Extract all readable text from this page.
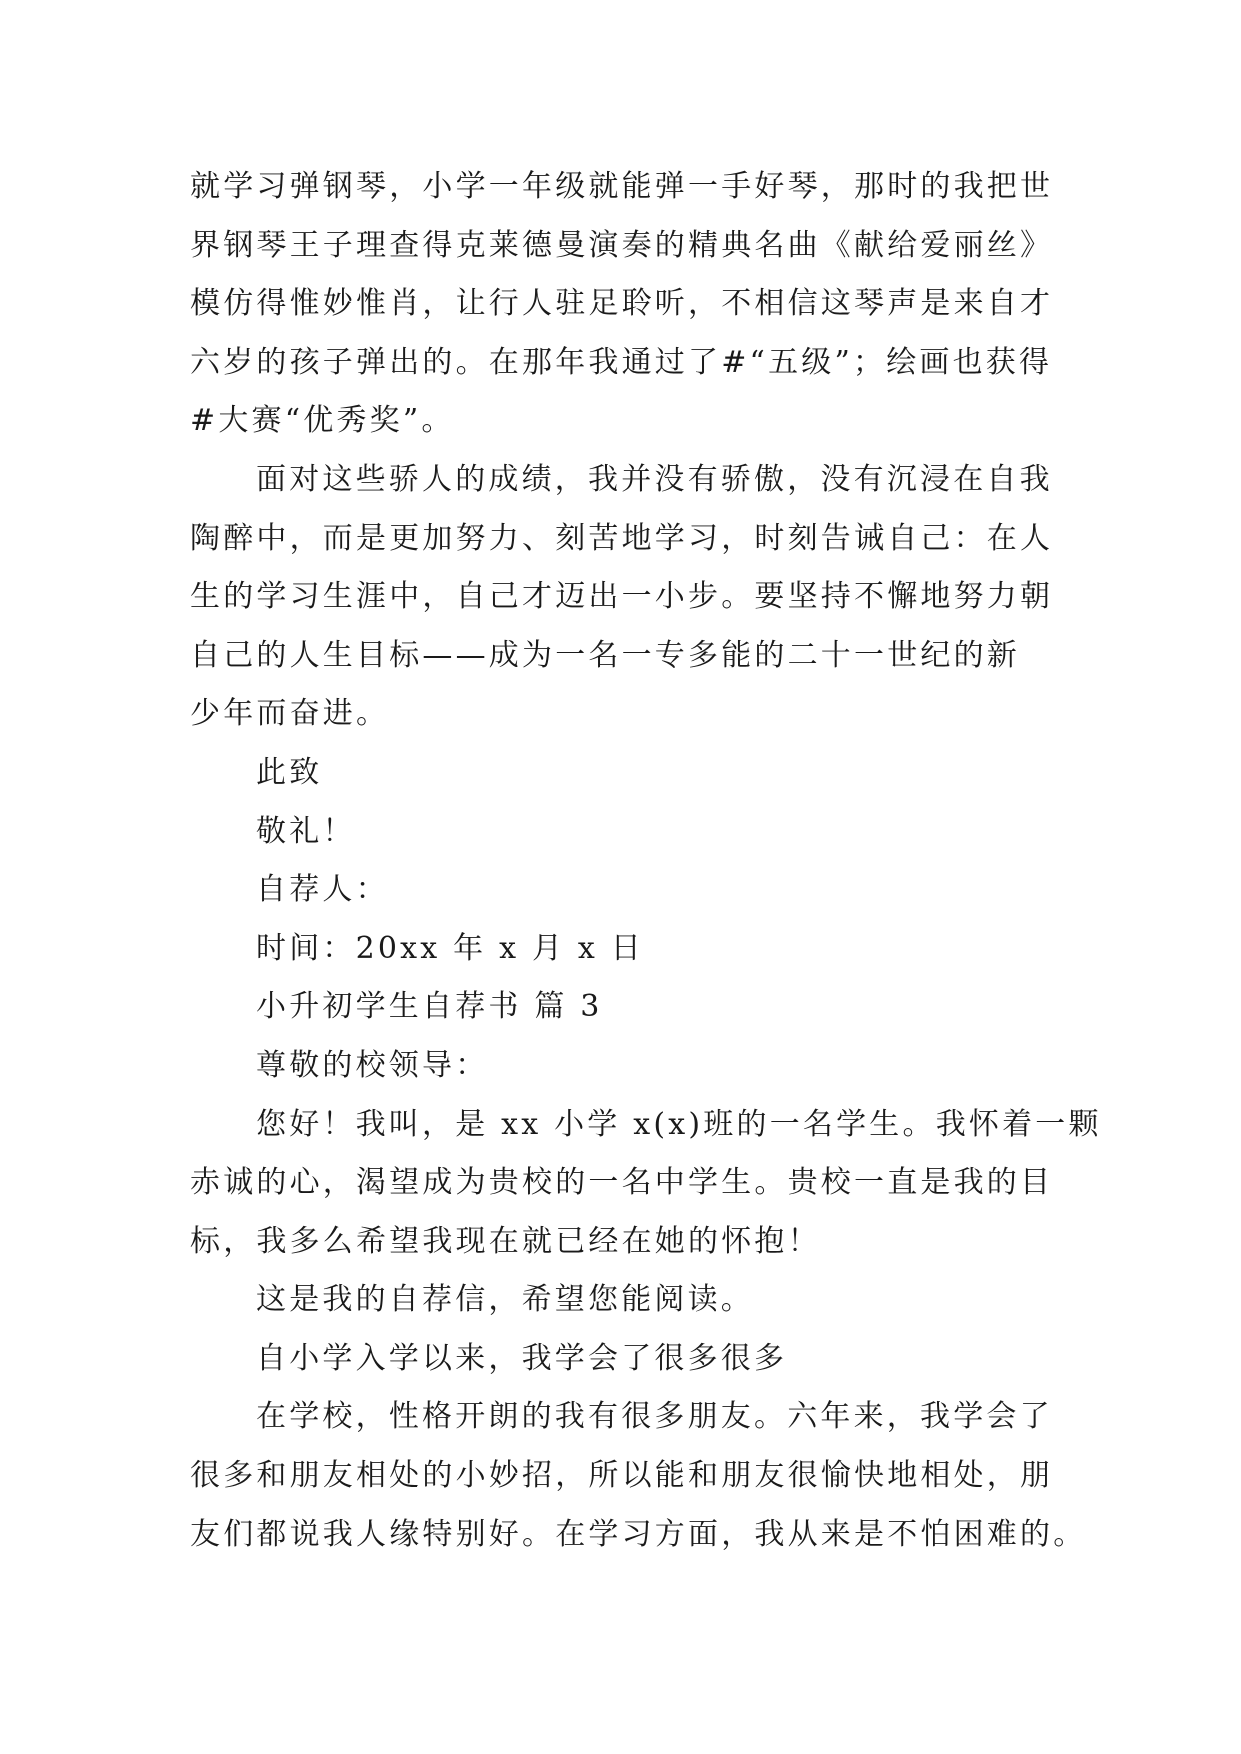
就学习弹钢琴，小学一年级就能弹一手好琴，那时的我把世
界钢琴王子理查得克莱德曼演奏的精典名曲《献给爱丽丝》
模仿得惟妙惟肖，让行人驻足聆听，不相信这琴声是来自才
六岁的孩子弹出的。在那年我通过了#“五级”；绘画也获得
#大赛“优秀奖”。
面对这些骄人的成绩，我并没有骄傲，没有沉浸在自我
陶醉中，而是更加努力、刻苦地学习，时刻告诫自己：在人
生的学习生涯中，自己才迈出一小步。要坚持不懈地努力朝
自己的人生目标——成为一名一专多能的二十一世纪的新
少年而奋进。
此致
敬礼！
自荐人：
时间：20xx 年 x 月 x 日
小升初学生自荐书 篇 3
尊敬的校领导：
您好！我叫，是 xx 小学 x(x)班的一名学生。我怀着一颗
赤诚的心，渴望成为贵校的一名中学生。贵校一直是我的目
标，我多么希望我现在就已经在她的怀抱！
这是我的自荐信，希望您能阅读。
自小学入学以来，我学会了很多很多
在学校，性格开朗的我有很多朋友。六年来，我学会了
很多和朋友相处的小妙招，所以能和朋友很愉快地相处，朋
友们都说我人缘特别好。在学习方面，我从来是不怕困难的。
